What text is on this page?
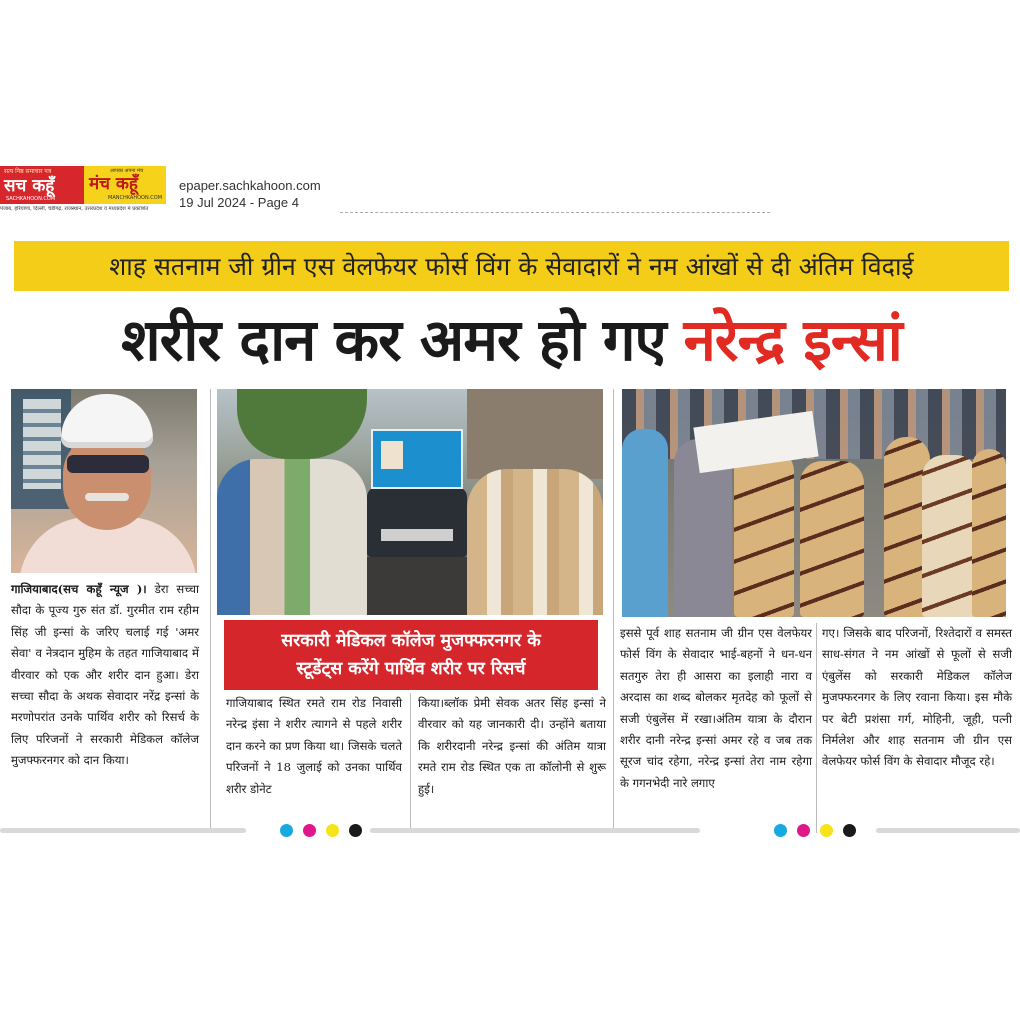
सत्य निष्ठ समाचार पत्र
सच कहूँ
SACHKAHOON.COM
आपका अपना मंच
मंच कहूँ
MANCHKAHOON.COM
पंजाब, हरियाणा, दिल्ली, चंडीगढ़, राजस्थान, उत्तरप्रदेश व मध्यप्रदेश में प्रकाशित
epaper.sachkahoon.com
19 Jul 2024 - Page 4
शाह सतनाम जी ग्रीन एस वेलफेयर फोर्स विंग के सेवादारों ने नम आंखों से दी अंतिम विदाई
शरीर दान कर अमर हो गए नरेन्द्र इन्सां
सरकारी मेडिकल कॉलेज मुजफ्फरनगर के
स्टूडेंट्स करेंगे पार्थिव शरीर पर रिसर्च

गाजियाबाद(सच कहूँ न्यूज )। डेरा सच्चा सौदा के पूज्य गुरु संत डॉ. गुरमीत राम रहीम सिंह जी इन्सां के जरिए चलाई गई 'अमर सेवा' व नेत्रदान मुहिम के तहत गाजियाबाद में वीरवार को एक और शरीर दान हुआ। डेरा सच्चा सौदा के अथक सेवादार नरेंद्र इन्सां के मरणोपरांत उनके पार्थिव शरीर को रिसर्च के लिए परिजनों ने सरकारी मेडिकल कॉलेज मुजफ्फरनगर को दान किया।

गाजियाबाद स्थित रमते राम रोड निवासी नरेन्द्र इंसा ने शरीर त्यागने से पहले शरीर दान करने का प्रण किया था। जिसके चलते परिजनों ने 18 जुलाई को उनका पार्थिव शरीर डोनेट

किया।ब्लॉक प्रेमी सेवक अतर सिंह इन्सां ने वीरवार को यह जानकारी दी। उन्होंने बताया कि शरीरदानी नरेन्द्र इन्सां की अंतिम यात्रा रमते राम रोड स्थित एक ता कॉलोनी से शुरू हुई।

इससे पूर्व शाह सतनाम जी ग्रीन एस वेलफेयर फोर्स विंग के सेवादार भाई-बहनों ने धन-धन सतगुरु तेरा ही आसरा का इलाही नारा व अरदास का शब्द बोलकर मृतदेह को फूलों से सजी एंबुलेंस में रखा।अंतिम यात्रा के दौरान शरीर दानी नरेन्द्र इन्सां अमर रहे व जब तक सूरज चांद रहेगा, नरेन्द्र इन्सां तेरा नाम रहेगा के गगनभेदी नारे लगाए

गए। जिसके बाद परिजनों, रिश्तेदारों व समस्त साध-संगत ने नम आंखों से फूलों से सजी एंबुलेंस को सरकारी मेडिकल कॉलेज मुजफ्फरनगर के लिए रवाना किया। इस मौके पर बेटी प्रशंसा गर्ग, मोहिनी, जूही, पत्नी निर्मलेश और शाह सतनाम जी ग्रीन एस वेलफेयर फोर्स विंग के सेवादार मौजूद रहे।
